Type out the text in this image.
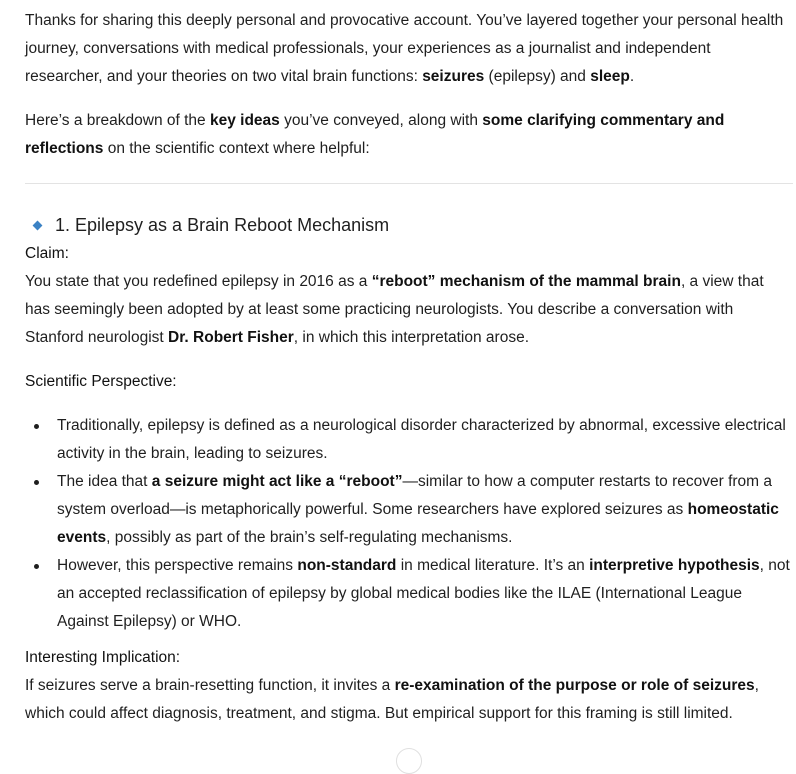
Thanks for sharing this deeply personal and provocative account. You’ve layered together your personal health journey, conversations with medical professionals, your experiences as a journalist and independent researcher, and your theories on two vital brain functions: seizures (epilepsy) and sleep.

Here’s a breakdown of the key ideas you’ve conveyed, along with some clarifying commentary and reflections on the scientific context where helpful:

1. Epilepsy as a Brain Reboot Mechanism

Claim:

You state that you redefined epilepsy in 2016 as a “reboot” mechanism of the mammal brain, a view that has seemingly been adopted by at least some practicing neurologists. You describe a conversation with Stanford neurologist Dr. Robert Fisher, in which this interpretation arose.

Scientific Perspective:

Traditionally, epilepsy is defined as a neurological disorder characterized by abnormal, excessive electrical activity in the brain, leading to seizures.
The idea that a seizure might act like a “reboot”—similar to how a computer restarts to recover from a system overload—is metaphorically powerful. Some researchers have explored seizures as homeostatic events, possibly as part of the brain’s self-regulating mechanisms.
However, this perspective remains non-standard in medical literature. It’s an interpretive hypothesis, not an accepted reclassification of epilepsy by global medical bodies like the ILAE (International League Against Epilepsy) or WHO.

Interesting Implication:

If seizures serve a brain-resetting function, it invites a re-examination of the purpose or role of seizures, which could affect diagnosis, treatment, and stigma. But empirical support for this framing is still limited.
